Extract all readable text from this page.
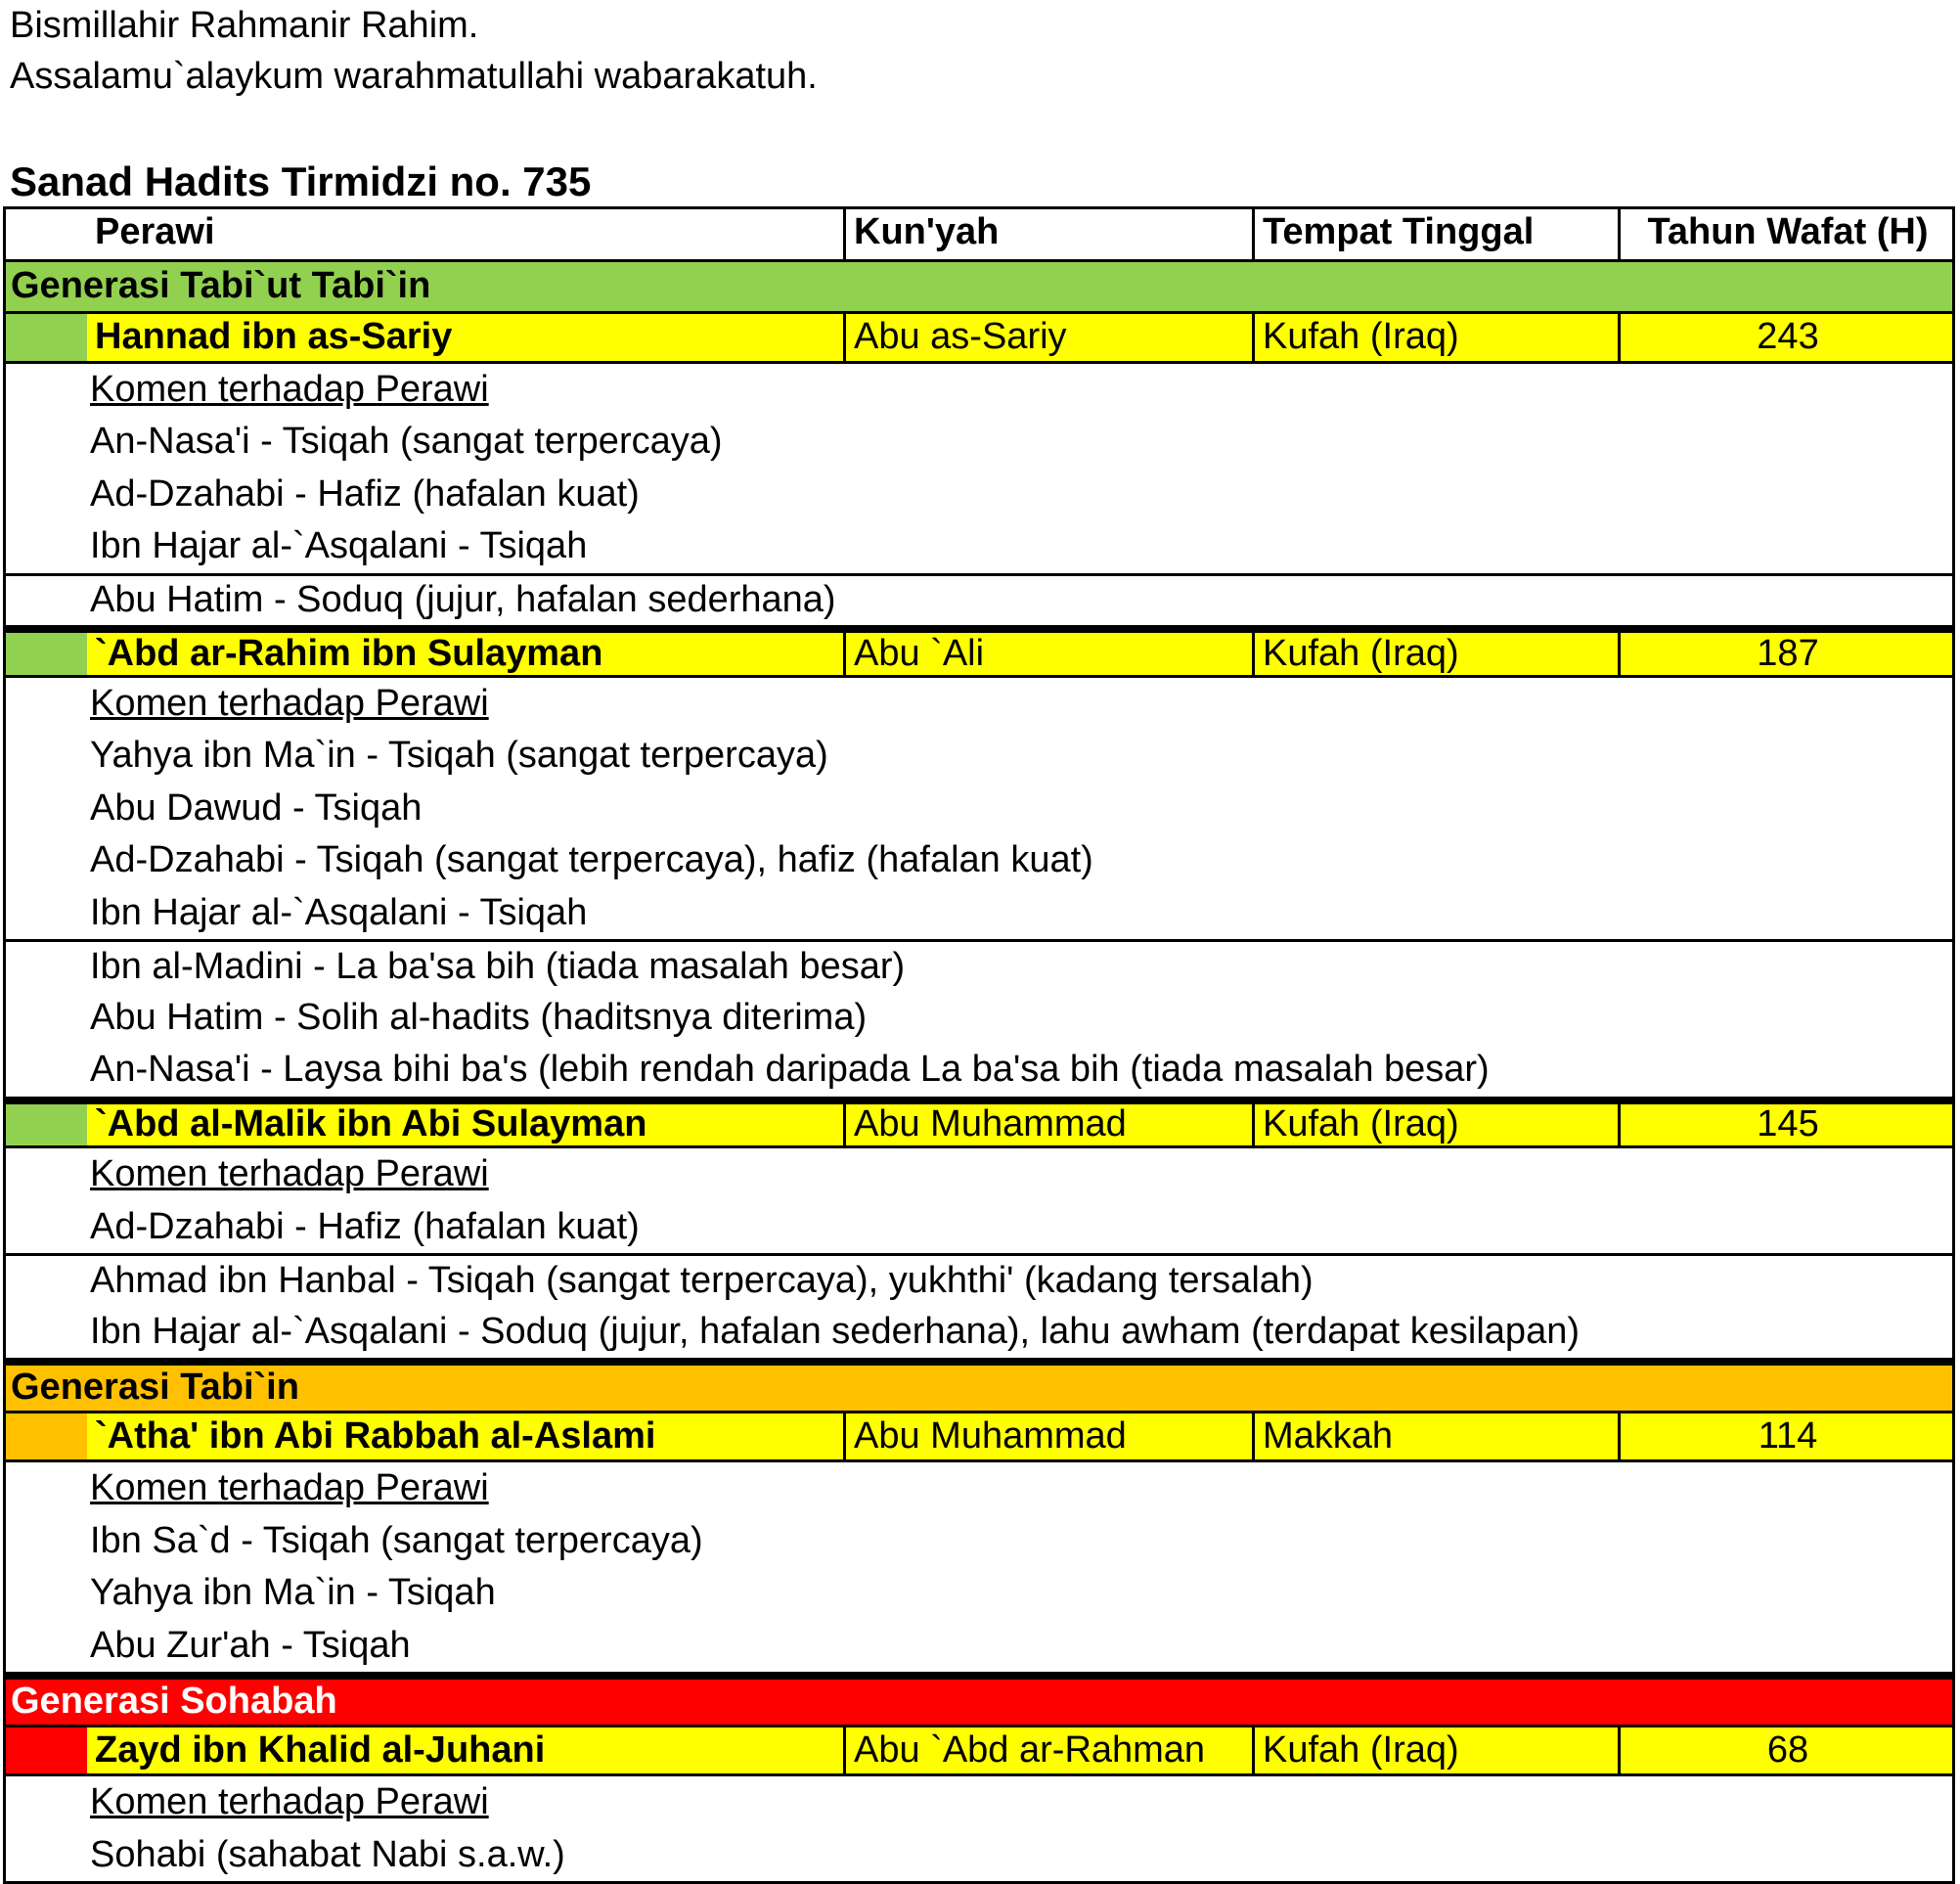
Bismillahir Rahmanir Rahim.
Assalamu`alaykum warahmatullahi wabarakatuh.
Sanad Hadits Tirmidzi no. 735
Perawi	Kun'yah	Tempat Tinggal	Tahun Wafat (H)
Generasi Tabi`ut Tabi`in
Hannad ibn as-Sariy	Abu as-Sariy	Kufah (Iraq)	243
Komen terhadap Perawi
An-Nasa'i - Tsiqah (sangat terpercaya)
Ad-Dzahabi - Hafiz (hafalan kuat)
Ibn Hajar al-`Asqalani - Tsiqah
Abu Hatim - Soduq (jujur, hafalan sederhana)
`Abd ar-Rahim ibn Sulayman	Abu `Ali	Kufah (Iraq)	187
Komen terhadap Perawi
Yahya ibn Ma`in - Tsiqah (sangat terpercaya)
Abu Dawud - Tsiqah
Ad-Dzahabi - Tsiqah (sangat terpercaya), hafiz (hafalan kuat)
Ibn Hajar al-`Asqalani - Tsiqah
Ibn al-Madini - La ba'sa bih (tiada masalah besar)
Abu Hatim - Solih al-hadits (haditsnya diterima)
An-Nasa'i - Laysa bihi ba's (lebih rendah daripada La ba'sa bih (tiada masalah besar)
`Abd al-Malik ibn Abi Sulayman	Abu Muhammad	Kufah (Iraq)	145
Komen terhadap Perawi
Ad-Dzahabi - Hafiz (hafalan kuat)
Ahmad ibn Hanbal - Tsiqah (sangat terpercaya), yukhthi' (kadang tersalah)
Ibn Hajar al-`Asqalani - Soduq (jujur, hafalan sederhana), lahu awham (terdapat kesilapan)
Generasi Tabi`in
`Atha' ibn Abi Rabbah al-Aslami	Abu Muhammad	Makkah	114
Komen terhadap Perawi
Ibn Sa`d - Tsiqah (sangat terpercaya)
Yahya ibn Ma`in - Tsiqah
Abu Zur'ah - Tsiqah
Generasi Sohabah
Zayd ibn Khalid al-Juhani	Abu `Abd ar-Rahman	Kufah (Iraq)	68
Komen terhadap Perawi
Sohabi (sahabat Nabi s.a.w.)
